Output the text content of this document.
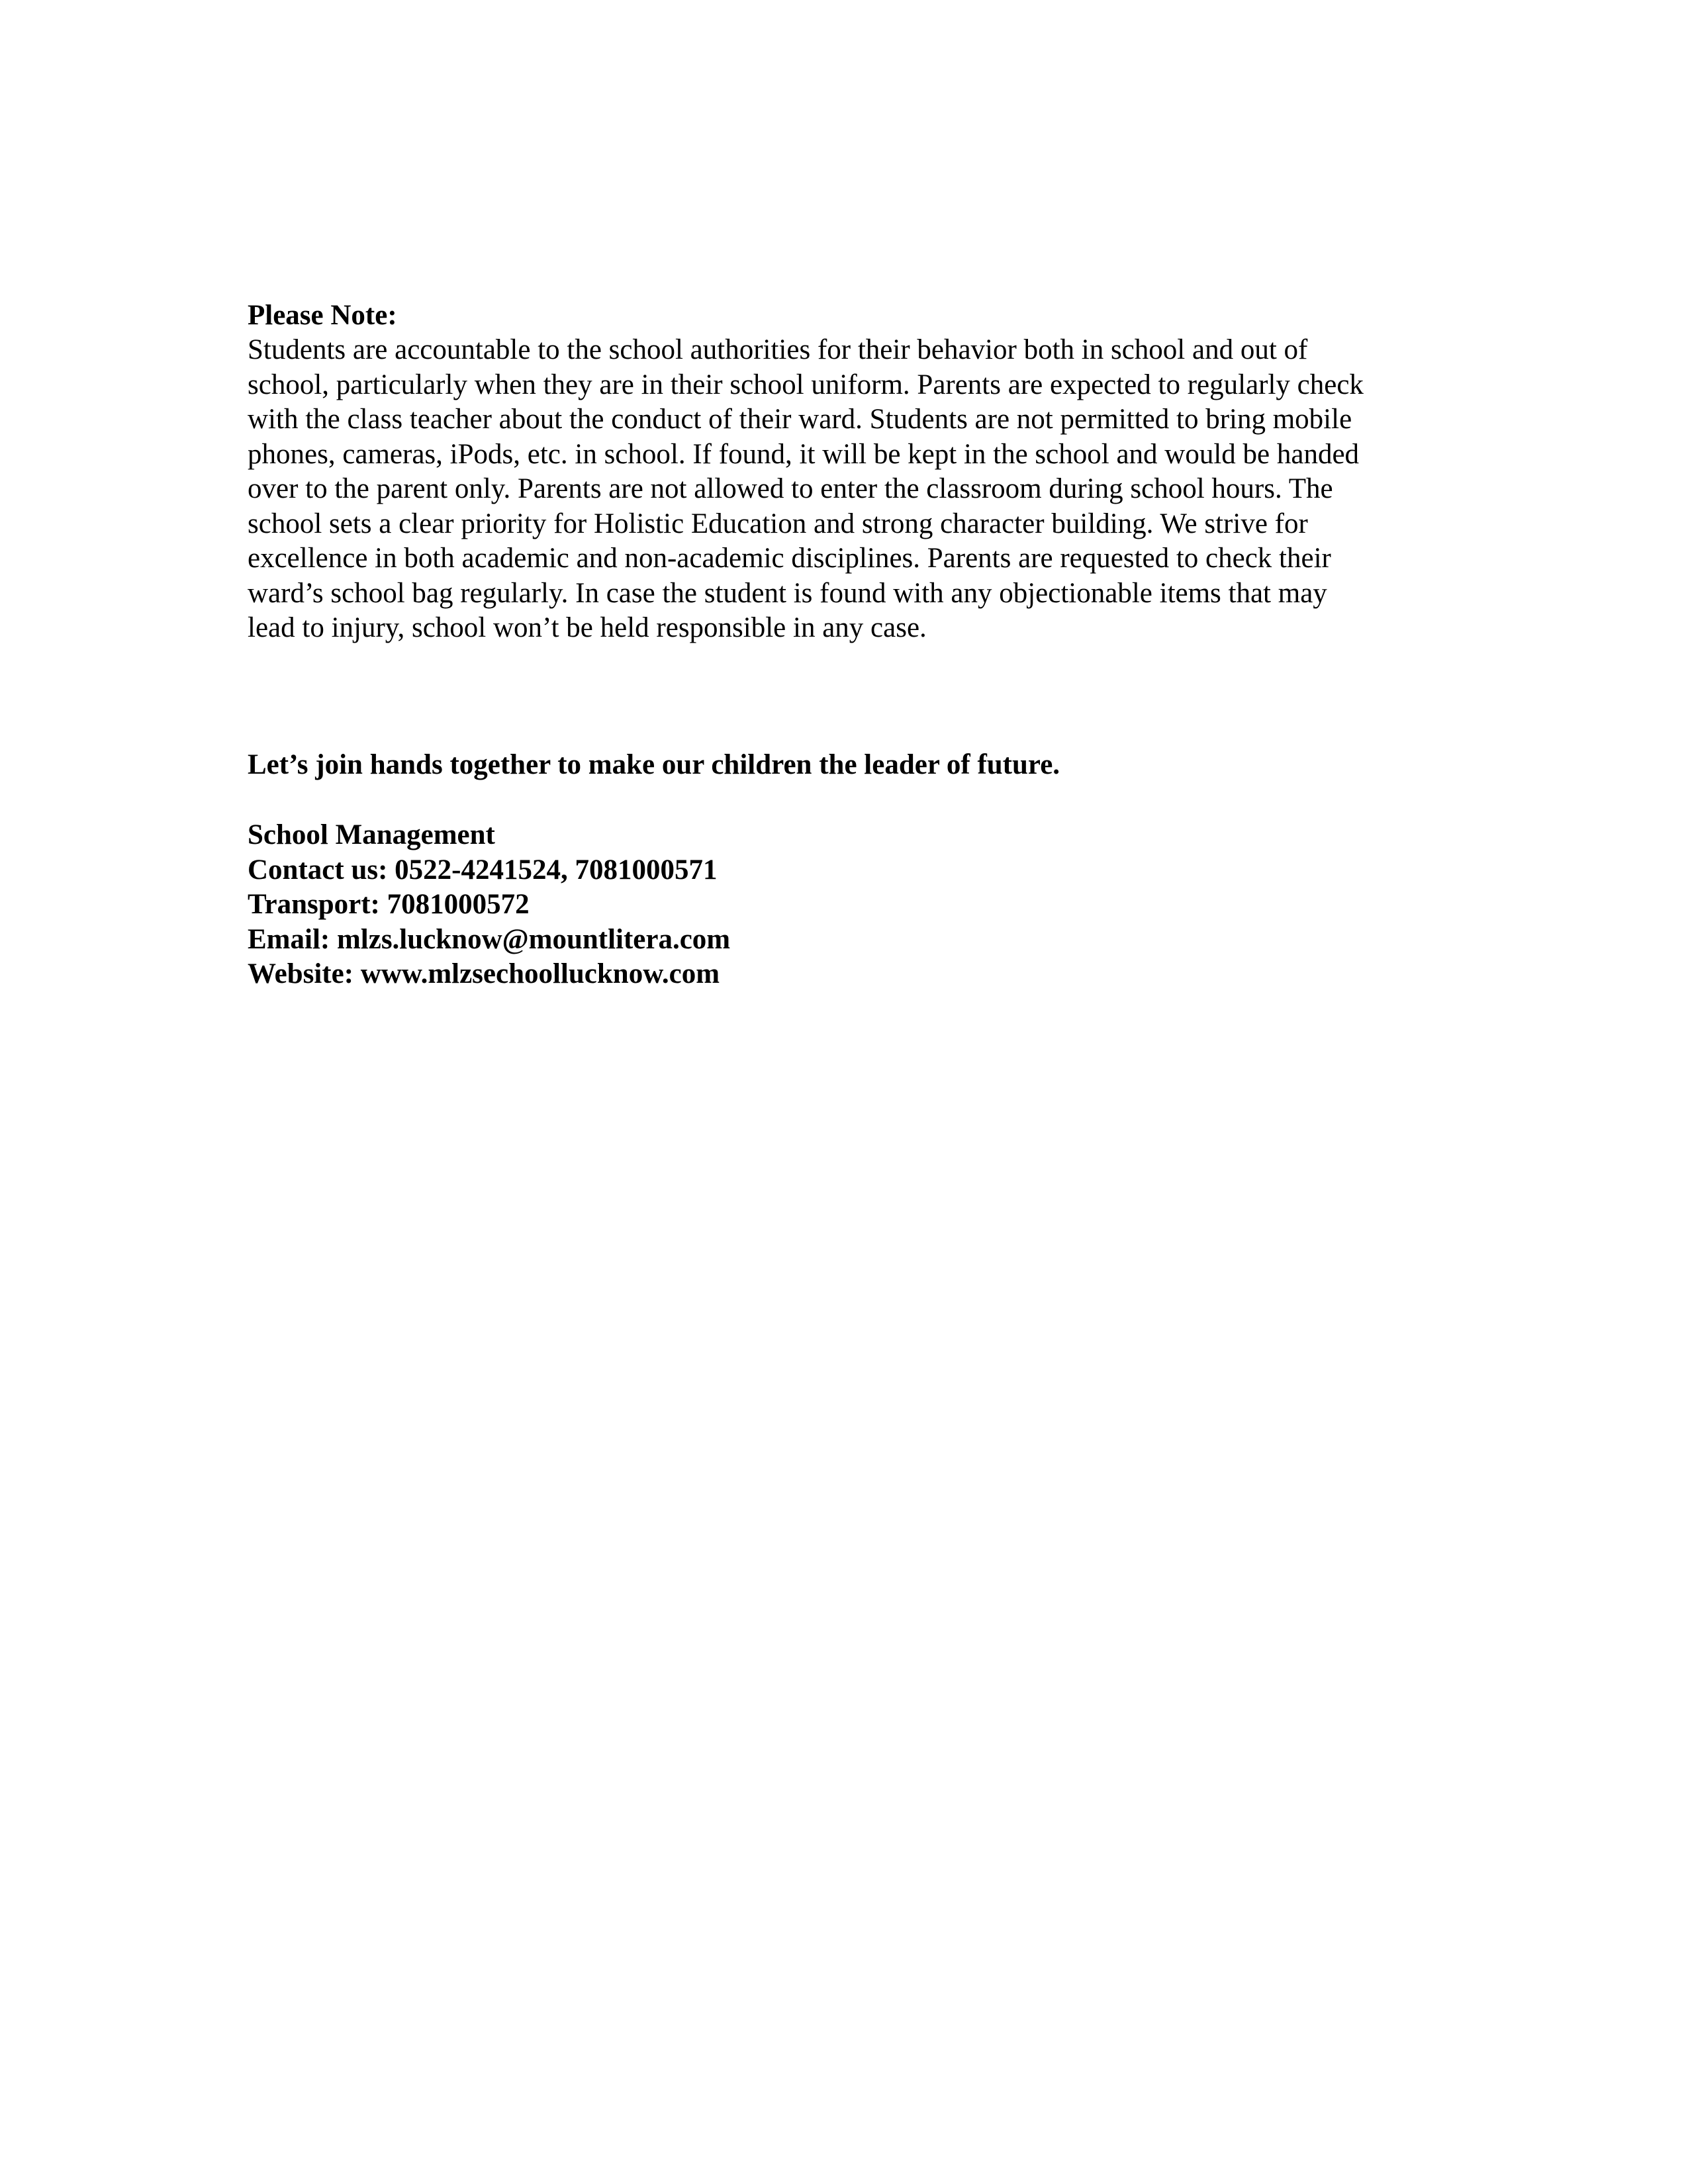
Please Note:

Students are accountable to the school authorities for their behavior both in school and out of
school, particularly when they are in their school uniform. Parents are expected to regularly check
with the class teacher about the conduct of their ward. Students are not permitted to bring mobile
phones, cameras, iPods, etc. in school. If found, it will be kept in the school and would be handed
over to the parent only. Parents are not allowed to enter the classroom during school hours. The
school sets a clear priority for Holistic Education and strong character building. We strive for
excellence in both academic and non-academic disciplines. Parents are requested to check their
ward’s school bag regularly. In case the student is found with any objectionable items that may
lead to injury, school won’t be held responsible in any case.

Let’s join hands together to make our children the leader of future.

School Management
Contact us: 0522-4241524, 7081000571
Transport: 7081000572
Email: mlzs.lucknow@mountlitera.com
Website: www.mlzsechoollucknow.com
